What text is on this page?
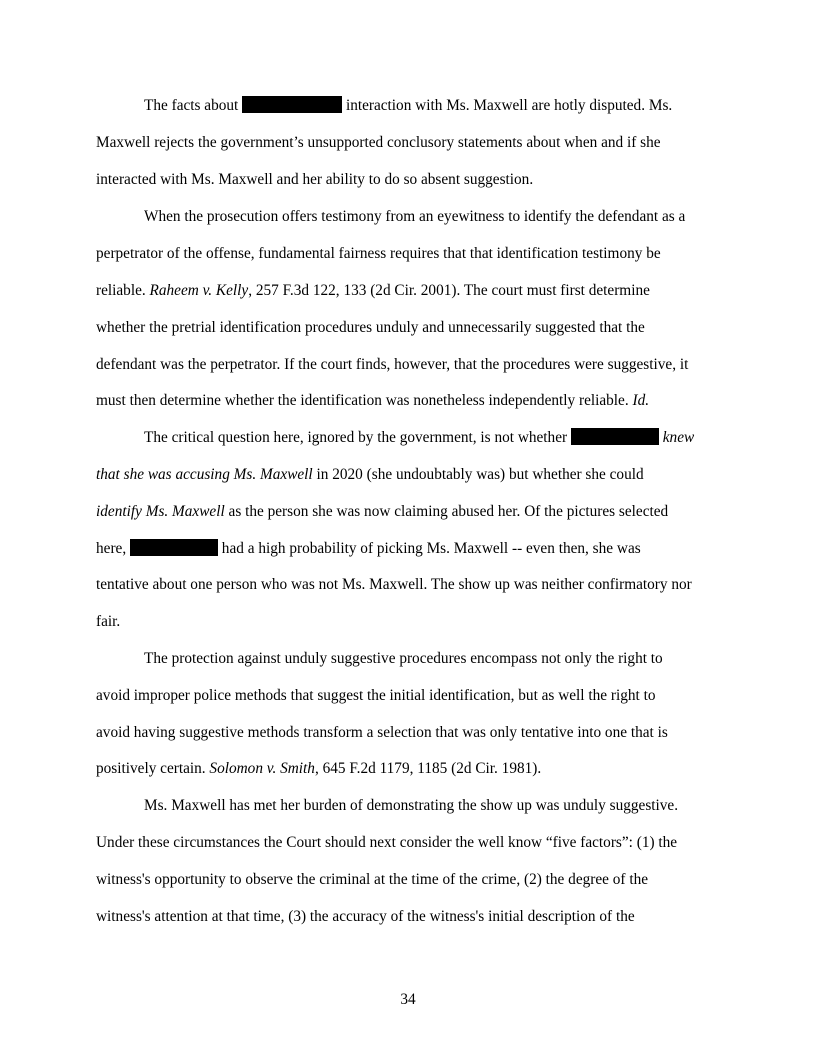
The facts about	interaction with Ms. Maxwell are hotly disputed. Ms.
Maxwell rejects the government’s unsupported conclusory statements about when and if she
interacted with Ms. Maxwell and her ability to do so absent suggestion.
When the prosecution offers testimony from an eyewitness to identify the defendant as a
perpetrator of the offense, fundamental fairness requires that that identification testimony be
reliable. Raheem v. Kelly, 257 F.3d 122, 133 (2d Cir. 2001). The court must first determine
whether the pretrial identification procedures unduly and unnecessarily suggested that the
defendant was the perpetrator. If the court finds, however, that the procedures were suggestive, it
must then determine whether the identification was nonetheless independently reliable. Id.
The critical question here, ignored by the government, is not whether	knew
that she was accusing Ms. Maxwell in 2020 (she undoubtably was) but whether she could
identify Ms. Maxwell as the person she was now claiming abused her. Of the pictures selected
here,	had a high probability of picking Ms. Maxwell -- even then, she was
tentative about one person who was not Ms. Maxwell. The show up was neither confirmatory nor
fair.
The protection against unduly suggestive procedures encompass not only the right to
avoid improper police methods that suggest the initial identification, but as well the right to
avoid having suggestive methods transform a selection that was only tentative into one that is
positively certain. Solomon v. Smith, 645 F.2d 1179, 1185 (2d Cir. 1981).
Ms. Maxwell has met her burden of demonstrating the show up was unduly suggestive.
Under these circumstances the Court should next consider the well know “five factors”: (1) the
witness's opportunity to observe the criminal at the time of the crime, (2) the degree of the
witness's attention at that time, (3) the accuracy of the witness's initial description of the
34
